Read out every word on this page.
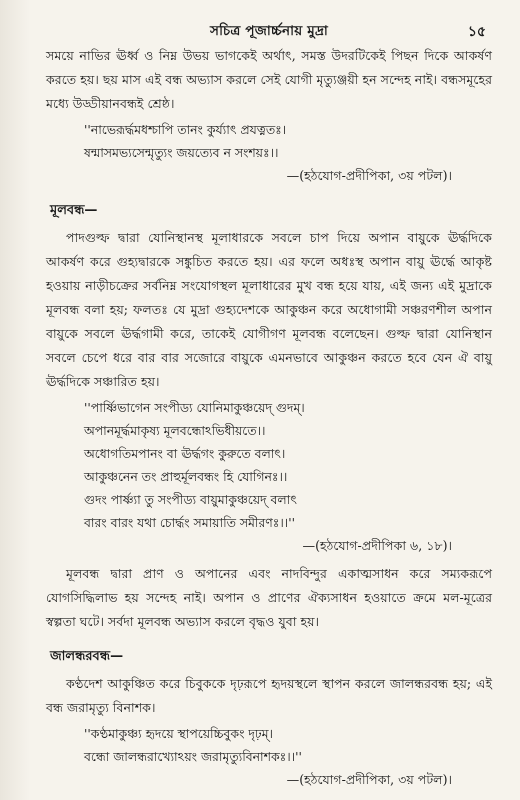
সচিত্র পূজার্চ্চনায় মুদ্রা	১৫

সময়ে নাভির ঊর্ধ্ব ও নিম্ন উভয় ভাগকেই অর্থাৎ, সমস্ত উদরটিকেই পিছন দিকে আকর্ষণ করতে হয়। ছয় মাস এই বন্ধ অভ্যাস করলে সেই যোগী মৃত্যুঞ্জয়ী হন সন্দেহ নাই। বন্ধসমূহের মধ্যে উড্ডীয়ানবন্ধই শ্রেষ্ঠ।

''নাভেরূর্দ্ধমধশ্চাপি তানং কুর্য্যাৎ প্রযত্নতঃ।
ষন্মাসমভ্যসেন্মৃত্যুং জয়ত্যেব ন সংশয়ঃ।।
—(হঠযোগ-প্রদীপিকা, ৩য় পটল)।
মূলবন্ধ—

পাদগুল্ফ দ্বারা যোনিস্থানস্থ মূলাধারকে সবলে চাপ দিয়ে অপান বায়ুকে ঊর্দ্ধদিকে আকর্ষণ করে গুহ্যদ্বারকে সঙ্কুচিত করতে হয়। এর ফলে অধঃস্থ অপান বায়ু ঊর্দ্ধে আকৃষ্ট হওয়ায় নাড়ীচক্রের সর্বনিম্ন সংযোগস্থল মূলাধারের মুখ বন্ধ হয়ে যায়, এই জন্য এই মুদ্রাকে মূলবন্ধ বলা হয়; ফলতঃ যে মুদ্রা গুহ্যদেশকে আকুঞ্চন করে অধোগামী সঞ্চরণশীল অপান বায়ুকে সবলে ঊর্দ্ধগামী করে, তাকেই যোগীগণ মূলবন্ধ বলেছেন। গুল্ফ দ্বারা যোনিস্থান সবলে চেপে ধরে বার বার সজোরে বায়ুকে এমনভাবে আকুঞ্চন করতে হবে যেন ঐ বায়ু ঊর্দ্ধদিকে সঞ্চারিত হয়।

''পার্ষ্ণিভাগেন সংপীড্য যোনিমাকুঞ্চয়েদ্ গুদম্।
অপানমূর্দ্ধমাকৃষ্য মূলবন্ধোঽভিধীয়তে।।
অধোগতিমপানং বা ঊর্দ্ধগং কুরুতে বলাৎ।
আকুঞ্চনেন তং প্রাহুর্মূলবন্ধং হি যোগিনঃ।।
গুদং পার্ষ্ণ্যা তু সংপীড্য বায়ুমাকুঞ্চয়েদ্ বলাৎ
বারং বারং যথা চোর্দ্ধং সমায়াতি সমীরণঃ।।''
—(হঠযোগ-প্রদীপিকা ৬, ১৮)।

মূলবন্ধ দ্বারা প্রাণ ও অপানের এবং নাদবিন্দুর একাত্মসাধন করে সম্যকরূপে যোগসিদ্ধিলাভ হয় সন্দেহ নাই। অপান ও প্রাণের ঐক্যসাধন হওয়াতে ক্রমে মল-মূত্রের স্বল্পতা ঘটে। সর্বদা মূলবন্ধ অভ্যাস করলে বৃদ্ধও যুবা হয়।

জালন্ধরবন্ধ—

কণ্ঠদেশ আকুঞ্চিত করে চিবুককে দৃঢ়রূপে হৃদয়স্থলে স্থাপন করলে জালন্ধরবন্ধ হয়; এই বন্ধ জরামৃত্যু বিনাশক।

''কণ্ঠমাকুঞ্চ্য হৃদয়ে স্থাপয়েচ্চিবুকং দৃঢ়ম্।
বন্ধো জালন্ধরাখ্যোঽয়ং জরামৃত্যুবিনাশকঃ।।''
—(হঠযোগ-প্রদীপিকা, ৩য় পটল)।
